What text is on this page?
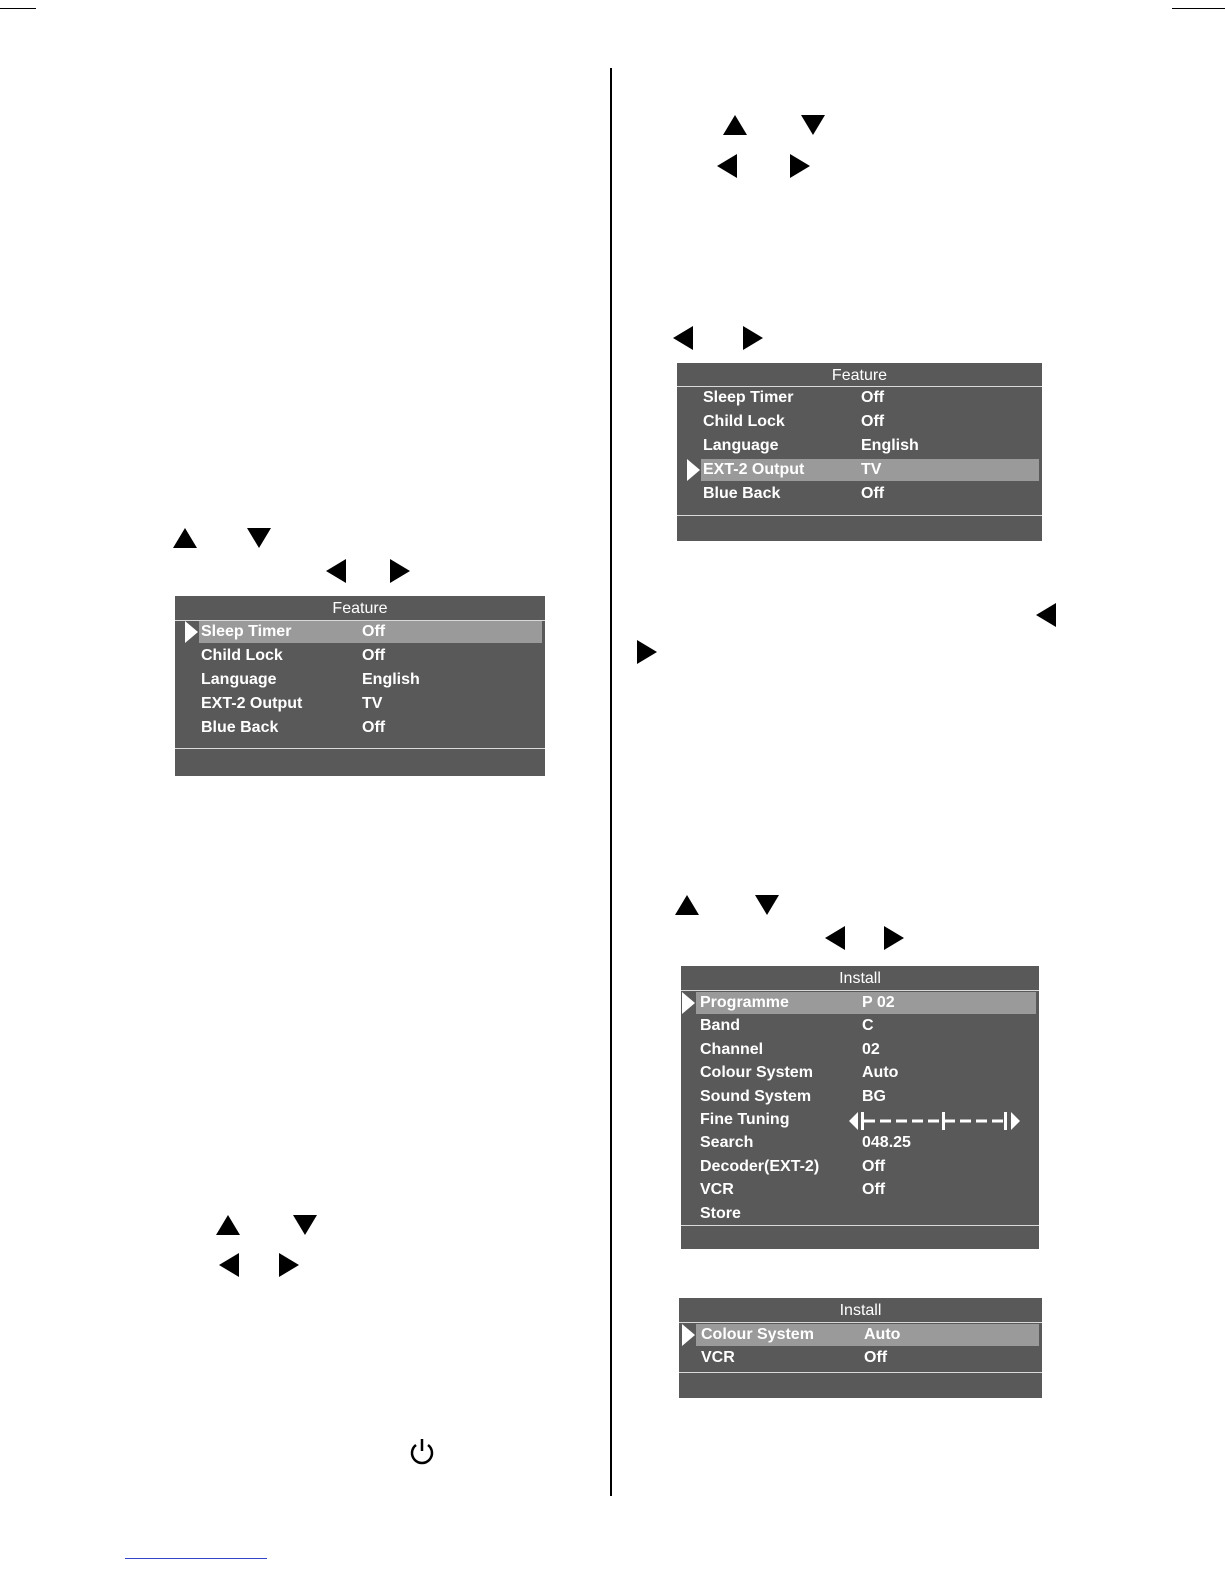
Feature
Sleep Timer	Off
Child Lock	Off
Language	English
EXT-2 Output	TV
Blue Back	Off
Feature
Sleep Timer	Off
Child Lock	Off
Language	English
EXT-2 Output	TV
Blue Back	Off
Install
Programme	P 02
Band	C
Channel	02
Colour System	Auto
Sound System	BG
Fine Tuning
Search	048.25
Decoder(EXT-2)	Off
VCR	Off
Store
Install
Colour System	Auto
VCR	Off
